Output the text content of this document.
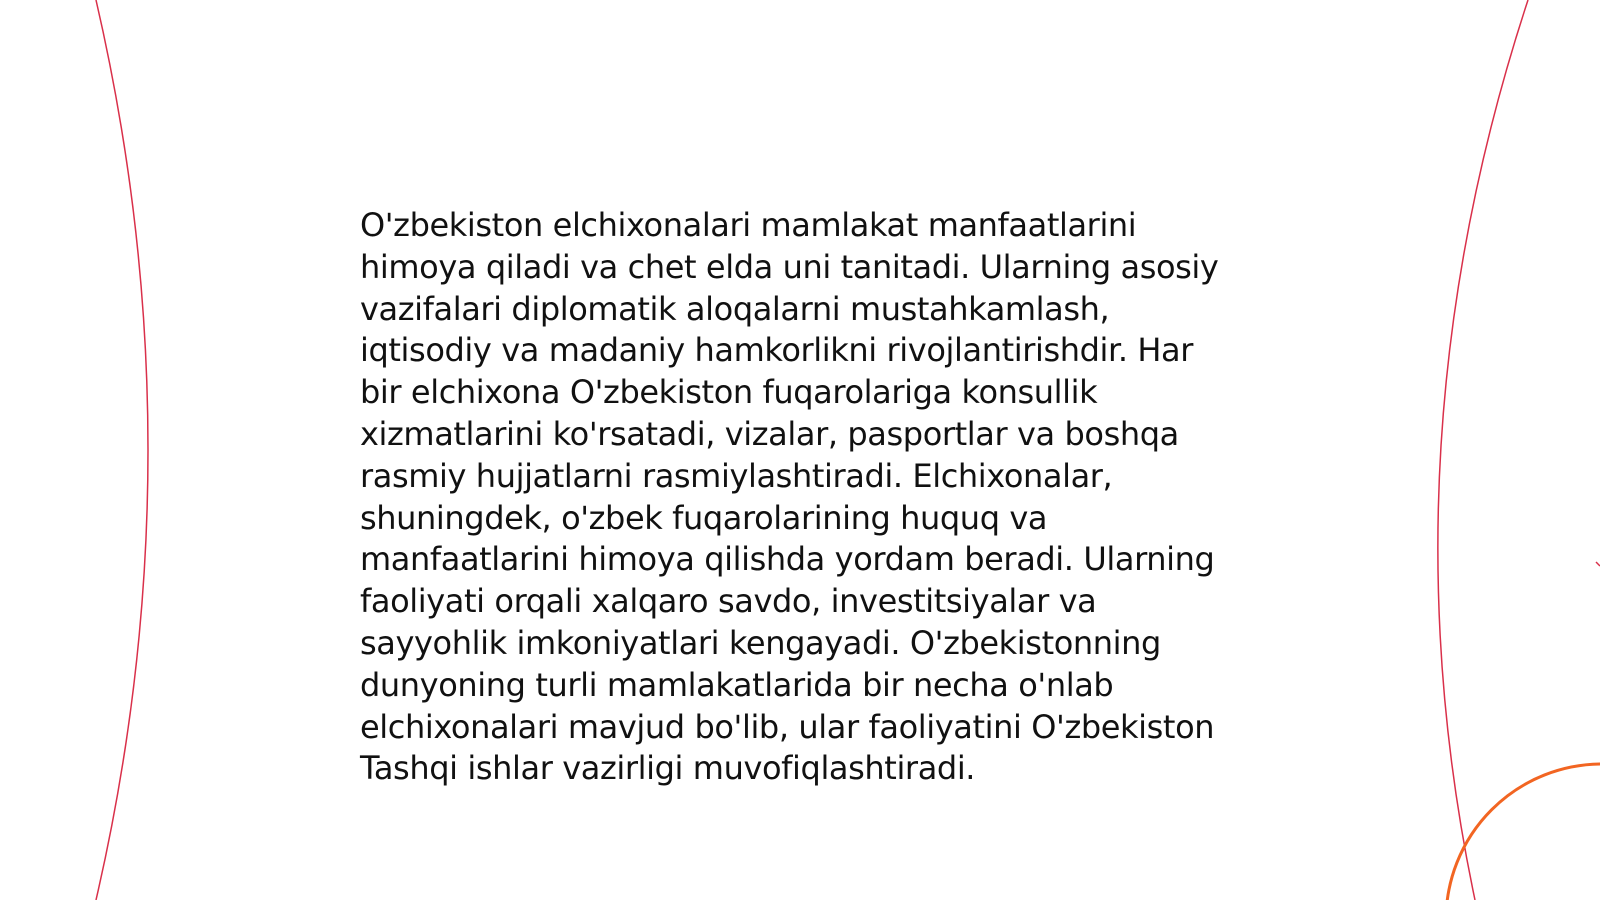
O'zbekiston elchixonalari mamlakat manfaatlarini himoya qiladi va chet elda uni tanitadi. Ularning asosiy vazifalari diplomatik aloqalarni mustahkamlash, iqtisodiy va madaniy hamkorlikni rivojlantirishdir. Har bir elchixona O'zbekiston fuqarolariga konsullik xizmatlarini ko'rsatadi, vizalar, pasportlar va boshqa rasmiy hujjatlarni rasmiylashtiradi. Elchixonalar, shuningdek, o'zbek fuqarolarining huquq va manfaatlarini himoya qilishda yordam beradi. Ularning faoliyati orqali xalqaro savdo, investitsiyalar va sayyohlik imkoniyatlari kengayadi. O'zbekistonning dunyoning turli mamlakatlarida bir necha o'nlab elchixonalari mavjud bo'lib, ular faoliyatini O'zbekiston Tashqi ishlar vazirligi muvofiqlashtiradi.
